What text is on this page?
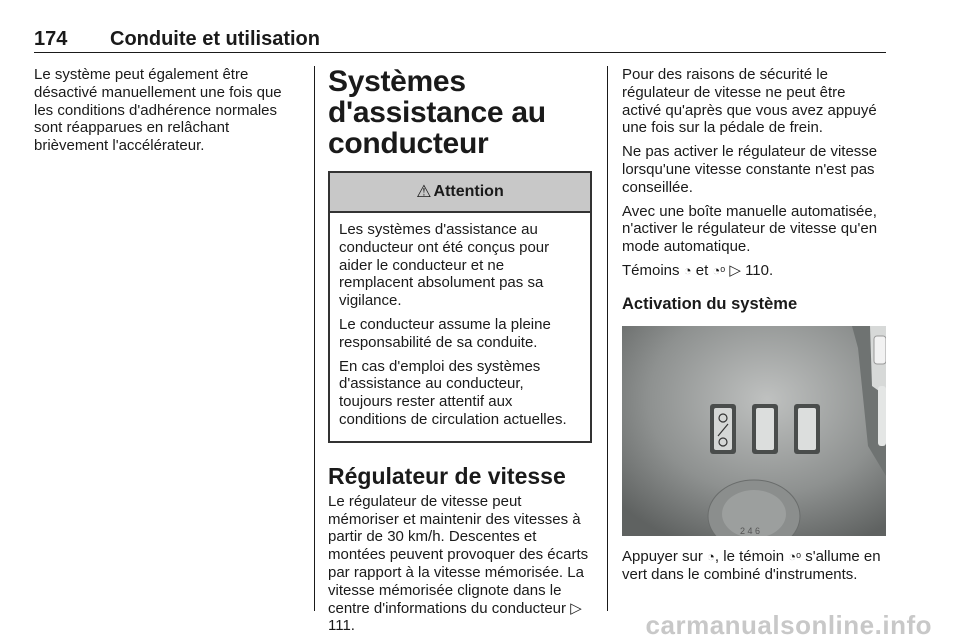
174 Conduite et utilisation

Le système peut également être désactivé manuellement une fois que les conditions d'adhérence normales sont réapparues en relâchant brièvement l'accélérateur.

Systèmes d'assistance au conducteur
⚠ Attention

Les systèmes d'assistance au conducteur ont été conçus pour aider le conducteur et ne remplacent absolument pas sa vigilance.

Le conducteur assume la pleine responsabilité de sa conduite.

En cas d'emploi des systèmes d'assistance au conducteur, toujours rester attentif aux conditions de circulation actuelles.

Régulateur de vitesse

Le régulateur de vitesse peut mémoriser et maintenir des vitesses à partir de 30 km/h. Descentes et montées peuvent provoquer des écarts par rapport à la vitesse mémorisée. La vitesse mémorisée clignote dans le centre d'informations du conducteur ▷ 111.

Pour des raisons de sécurité le régulateur de vitesse ne peut être activé qu'après que vous avez appuyé une fois sur la pédale de frein.

Ne pas activer le régulateur de vitesse lorsqu'une vitesse constante n'est pas conseillée.

Avec une boîte manuelle automatisée, n'activer le régulateur de vitesse qu'en mode automatique.

Témoins ◔ et ◔ᵒ ▷ 110.

Activation du système
2 4 6

Appuyer sur ◔, le témoin ◔ᵒ s'allume en vert dans le combiné d'instruments.

carmanualsonline.info
